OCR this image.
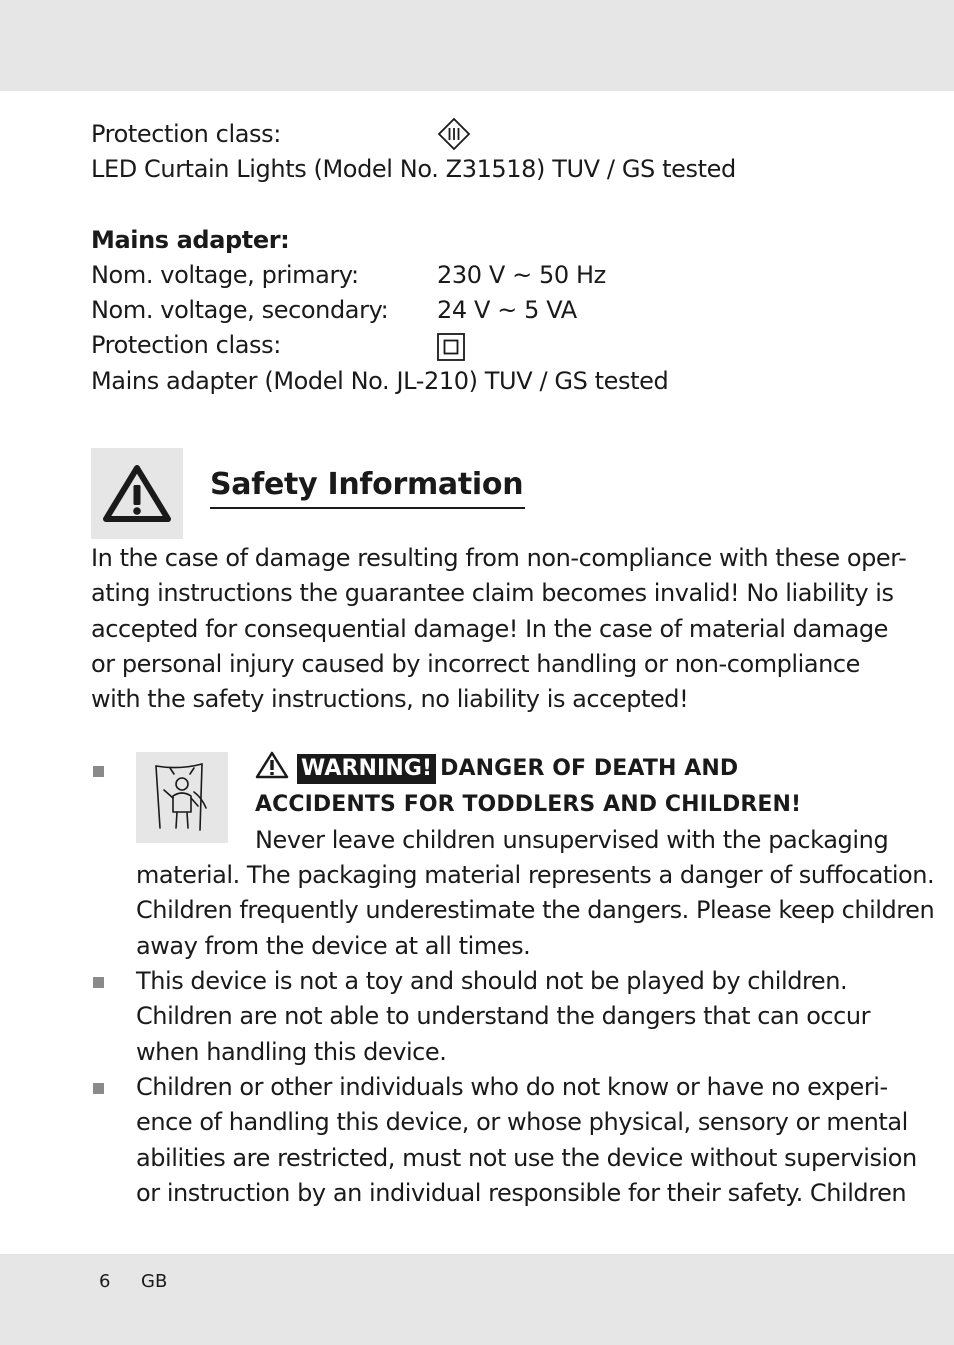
Protection class:
LED Curtain Lights (Model No. Z31518) TUV / GS tested
Mains adapter:
Nom. voltage, primary:	230 V ~ 50 Hz
Nom. voltage, secondary: 24 V ~ 5 VA
Protection class:
Mains adapter (Model No. JL-210) TUV / GS tested
Safety Information
In the case of damage resulting from non-compliance with these oper-
ating instructions the guarantee claim becomes invalid! No liability is
accepted for consequential damage! In the case of material damage
or personal injury caused by incorrect handling or non-compliance
with the safety instructions, no liability is accepted!
WARNING! DANGER OF DEATH AND
ACCIDENTS FOR TODDLERS AND CHILDREN!
Never leave children unsupervised with the packaging
material. The packaging material represents a danger of suffocation.
Children frequently underestimate the dangers. Please keep children
away from the device at all times.
This device is not a toy and should not be played by children.
Children are not able to understand the dangers that can occur
when handling this device.
Children or other individuals who do not know or have no experi-
ence of handling this device, or whose physical, sensory or mental
abilities are restricted, must not use the device without supervision
or instruction by an individual responsible for their safety. Children
6 GB
